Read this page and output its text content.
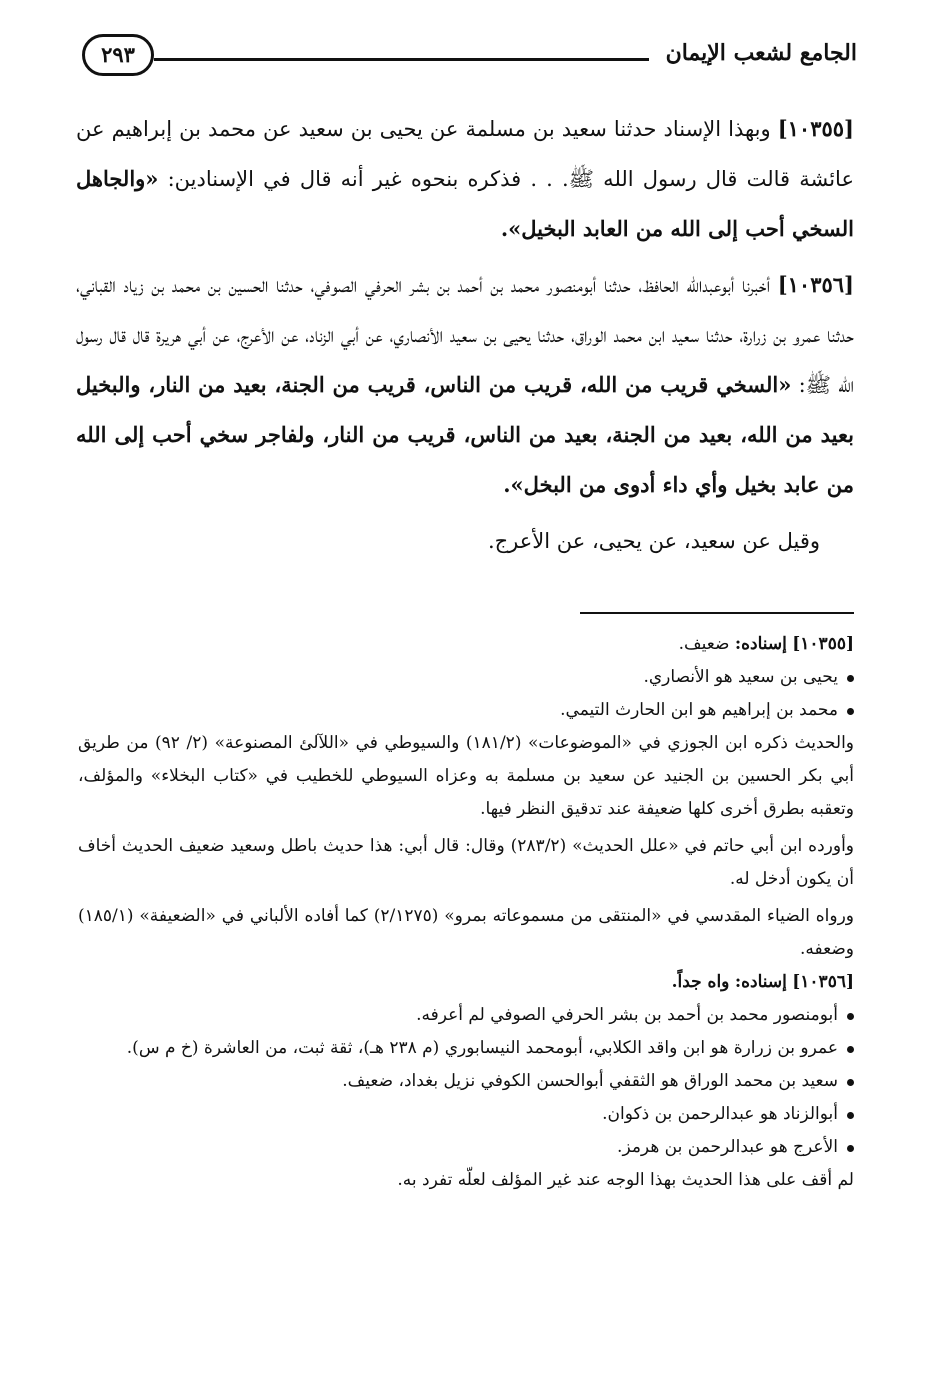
الجامع لشعب الإيمان
٢٩٣

[١٠٣٥٥] وبهذا الإسناد حدثنا سعيد بن مسلمة عن يحيى بن سعيد عن محمد بن إبراهيم عن عائشة قالت قال رسول الله ﷺ. . . فذكره بنحوه غير أنه قال في الإسنادين: «والجاهل السخي أحب إلى الله من العابد البخيل».

[١٠٣٥٦] أخبرنا أبوعبدالله الحافظ، حدثنا أبومنصور محمد بن أحمد بن بشر الحرفي الصوفي، حدثنا الحسين بن محمد بن زياد القباني، حدثنا عمرو بن زرارة، حدثنا سعيد ابن محمد الوراق، حدثنا يحيى بن سعيد الأنصاري، عن أبي الزناد، عن الأعرج، عن أبي هريرة قال قال رسول الله ﷺ: «السخي قريب من الله، قريب من الناس، قريب من الجنة، بعيد من النار، والبخيل بعيد من الله، بعيد من الجنة، بعيد من الناس، قريب من النار، ولفاجر سخي أحب إلى الله من عابد بخيل وأي داء أدوى من البخل».

وقيل عن سعيد، عن يحيى، عن الأعرج.

[١٠٣٥٥] إسناده: ضعيف.

يحيى بن سعيد هو الأنصاري.
محمد بن إبراهيم هو ابن الحارث التيمي.

والحديث ذكره ابن الجوزي في «الموضوعات» (١٨١/٢) والسيوطي في «اللآلئ المصنوعة» (٢/ ٩٢) من طريق أبي بكر الحسين بن الجنيد عن سعيد بن مسلمة به وعزاه السيوطي للخطيب في «كتاب البخلاء» والمؤلف، وتعقبه بطرق أخرى كلها ضعيفة عند تدقيق النظر فيها.

وأورده ابن أبي حاتم في «علل الحديث» (٢٨٣/٢) وقال: قال أبي: هذا حديث باطل وسعيد ضعيف الحديث أخاف أن يكون أدخل له.

ورواه الضياء المقدسي في «المنتقى من مسموعاته بمرو» (٢/١٢٧٥) كما أفاده الألباني في «الضعيفة» (١٨٥/١) وضعفه.

[١٠٣٥٦] إسناده: واه جداً.

أبومنصور محمد بن أحمد بن بشر الحرفي الصوفي لم أعرفه.
عمرو بن زرارة هو ابن واقد الكلابي، أبومحمد النيسابوري (م ٢٣٨ هـ)، ثقة ثبت، من العاشرة (خ م س).
سعيد بن محمد الوراق هو الثقفي أبوالحسن الكوفي نزيل بغداد، ضعيف.
أبوالزناد هو عبدالرحمن بن ذكوان.
الأعرج هو عبدالرحمن بن هرمز.

لم أقف على هذا الحديث بهذا الوجه عند غير المؤلف لعلّه تفرد به.
